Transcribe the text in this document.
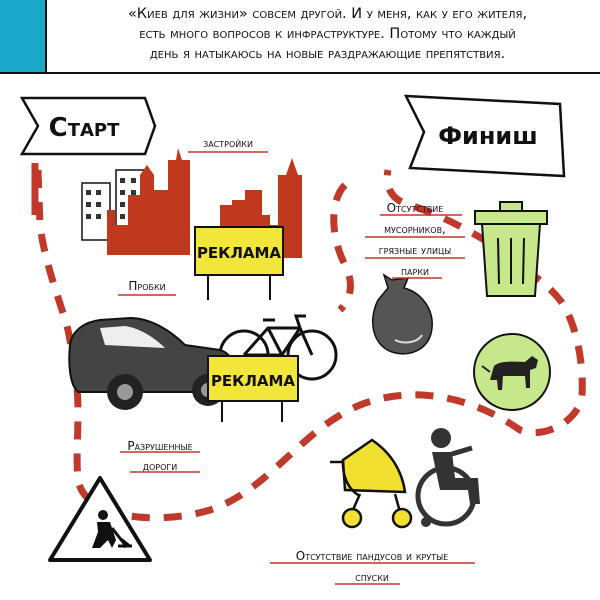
«Киев для жизни» совсем другой. И у меня, как у его жителя,
есть много вопросов к инфраструктуре. Потому что каждый
день я натыкаюсь на новые раздражающие препятствия.
Старт	Финиш
РЕКЛАМА
РЕКЛАМА
застройки
Пробки
Разрушенные
дороги
Отсутствие
мусорников,
грязные улицы
парки
Отсутствие пандусов и крутые
спуски
